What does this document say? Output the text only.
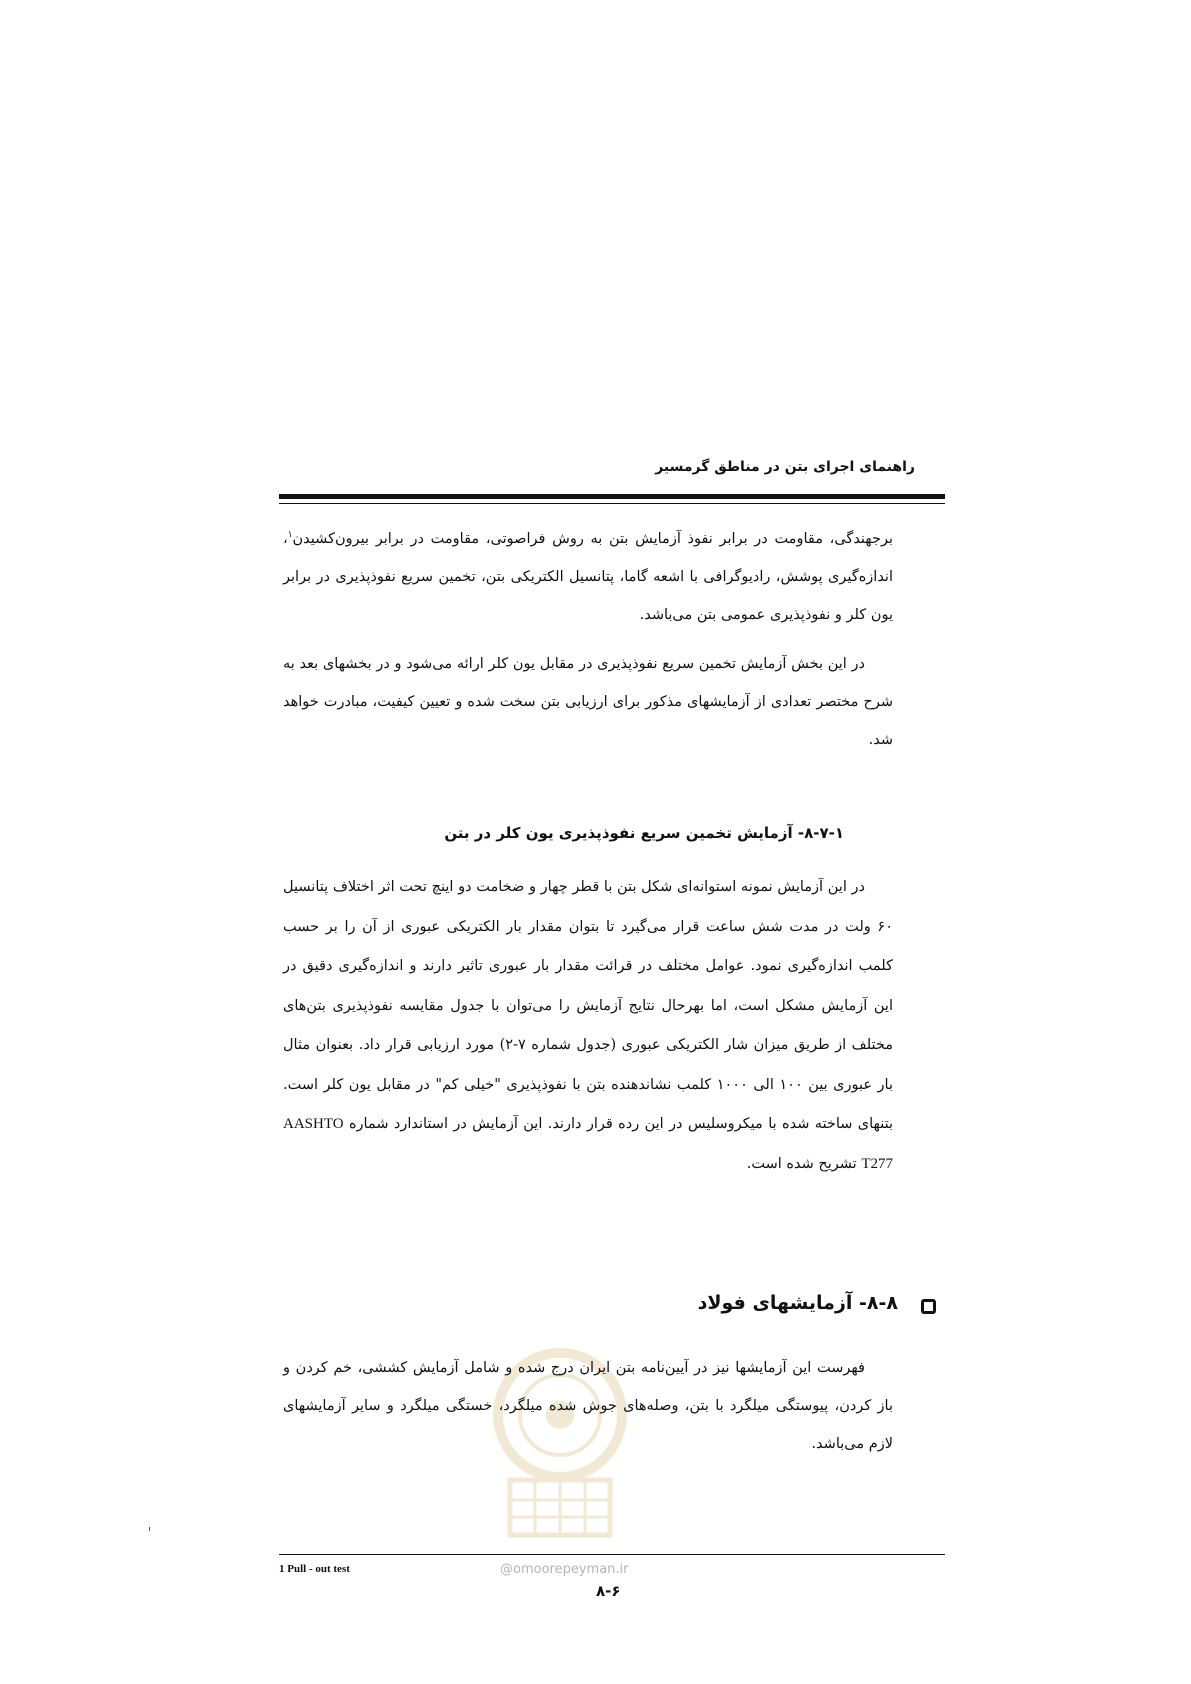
راهنمای اجرای بتن در مناطق گرمسیر

برجهندگی، مقاومت در برابر نفوذ آزمایش بتن به روش فراصوتی، مقاومت در برابر بیرون‌کشیدن$^۱$، اندازه‌گیری پوشش، رادیوگرافی با اشعه گاما، پتانسیل الکتریکی بتن، تخمین سریع نفوذپذیری در برابر یون کلر و نفوذپذیری عمومی بتن می‌باشد.

در این بخش آزمایش تخمین سریع نفوذپذیری در مقابل یون کلر ارائه می‌شود و در بخشهای بعد به شرح مختصر تعدادی از آزمایشهای مذکور برای ارزیابی بتن سخت شده و تعیین کیفیت، مبادرت خواهد شد.

۸-۷-۱- آزمایش تخمین سریع نفوذپذیری یون کلر در بتن

در این آزمایش نمونه استوانه‌ای شکل بتن با قطر چهار و ضخامت دو اینچ تحت اثر اختلاف پتانسیل ۶۰ ولت در مدت شش ساعت قرار می‌گیرد تا بتوان مقدار بار الکتریکی عبوری از آن را بر حسب کلمب اندازه‌گیری نمود. عوامل مختلف در قرائت مقدار بار عبوری تاثیر دارند و اندازه‌گیری دقیق در این آزمایش مشکل است، اما بهرحال نتایج آزمایش را می‌توان با جدول مقایسه نفوذپذیری بتن‌های مختلف از طریق میزان شار الکتریکی عبوری (جدول شماره ۷-۲) مورد ارزیابی قرار داد. بعنوان مثال بار عبوری بین ۱۰۰ الی ۱۰۰۰ کلمب نشاندهنده بتن با نفوذپذیری "خیلی کم" در مقابل یون کلر است. بتنهای ساخته شده با میکروسلیس در این رده قرار دارند. این آزمایش در استاندارد شماره AASHTO T277 تشریح شده است.

۸-۸- آزمایشهای فولاد

فهرست این آزمایشها نیز در آیین‌نامه بتن ایران درج شده و شامل آزمایش کششی، خم کردن و باز کردن، پیوستگی میلگرد با بتن، وصله‌های جوش شده میلگرد، خستگی میلگرد و سایر آزمایشهای لازم می‌باشد.

1 Pull - out test	@omoorepeyman.ir
۸-۶
